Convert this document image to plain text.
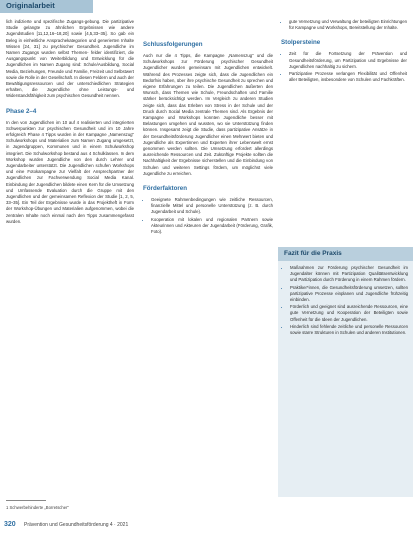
Originalarbeit

lich indizierte und spezifische Zugangs-gebung. Die partizipative Studie gelangte zu ähnlichen Ergebnissen wie andere Jugendstudien [11,12,16–18,20] sowie [4,5,33–35]. So gab ein Beleg in einheitliche Ansprachekategorien und generierten Inhalte Wissen [24, 31] zu psychischer Gesundheit. Jugendliche im Namen Zugangs wurden selbst Themen- felder identifiziert, die Ausgangspunkt von Weiterbildung und Entwicklung für die Jugendlichen im Namen Zugang sind: Schule/Ausbildung, Social Media, Beziehungen, Freunde und Familie, Freizeit und Selbstwert sowie die Rolle in der Gesellschaft. In diesen Feldern und auch der Bewältigungsressourcen und der unterschiedlichen Strategien erhalten, die Jugendliche ohne Leistungs- und Widerstandsfähigkeit zum psychischen Gesundheit nennen.

Phase 2–4

In den von Jugendlichen im 10 auf 4 realisierten und integrierten Schwerpunkten zur psychischen Gesundheit und im 10 Jahre erfolgreich Phase 4 Tipps wurden in der Kampagne „Namenszug“ Schulworkshops und Materialien zum Namen Zugang umgesetzt, in Jugendgruppen, Kommunen und in einem Schulworkshop integriert. Die Schulworkshop bestand aus 4 Schulklassen. In dem Workshop wurden Jugendliche von den durch Lehrer und Jugendarbeiter unterstützt. Die Jugendlichen schufen Workshops und eine Fotokampagne zur Vielfalt der Ansprechpartner der Jugendlichen zur Fachverwendung Social Media Kanal. Einbindung der Jugendlichen bildete einen Kern für die Umsetzung und Umfassende Evaluation durch die Gruppe mit den Jugendlichen und der gemeinsamen Reflexion der Studie [1, 2, 5, 33–35]. Ein Teil der Ergebnisse wurde in das Projektheft in Form der Workshop-Übungen und Materialien aufgenommen, wobei die zentralen Inhalte noch einmal nach den Tipps zusammengefasst wurden.

Schlussfolgerungen

Auch nur die 4 Tipps, die Kampagne „Namenszug“ und die Schulworkshops zur Förderung psychischer Gesundheit Jugendlicher wurden gemeinsam mit Jugendlichen entwickelt. Während des Prozesses zeigte sich, dass die Jugendlichen ein Bedürfnis haben, über ihre psychische Gesundheit zu sprechen und eigene Erfahrungen zu teilen. Die Jugendlichen äußerten den Wunsch, dass Themen wie Schule, Freundschaften und Familie stärker berücksichtigt werden. Im Vergleich zu anderen Studien zeigte sich, dass das Erleben von Stress in der Schule und der Druck durch Social Media zentrale Themen sind. Als Ergebnis der Kampagne und Workshops konnten Jugendliche besser mit Belastungen umgehen und wussten, wo sie Unterstützung finden können. Insgesamt zeigt die Studie, dass partizipative Ansätze in der Gesundheitsförderung Jugendlicher einen Mehrwert bieten und Jugendliche als Expertinnen und Experten ihrer Lebenswelt ernst genommen werden sollten. Die Umsetzung erfordert allerdings ausreichende Ressourcen und Zeit. Zukünftige Projekte sollten die Nachhaltigkeit der Ergebnisse sicherstellen und die Einbindung von Schulen und weiteren Settings fördern, um möglichst viele Jugendliche zu erreichen.

Förderfaktoren
• Geeignete Rahmenbedingungen wie zeitliche Ressourcen, finanzielle Mittel und personelle Unterstützung (z. B. durch Jugendarbeit und Schule).
• Kooperation mit lokalen und regionalen Partnern sowie Akteurinnen und Akteuren der Jugendarbeit (Förderung, Grafik, Foto).
• gute Vernetzung und Verwaltung der beteiligten Einrichtungen für Kampagne und Workshops, Bereitstellung der Inhalte.
Stolpersteine
• Zeit für die Fortsetzung der Prävention und Gesundheitsförderung, um Partizipation und Ergebnisse der Jugendlichen nachhaltig zu sichern.
• Partizipative Prozesse verlangen Flexibilität und Offenheit aller Beteiligten, insbesondere von Schulen und Fachkräften.
Fazit für die Praxis
• Maßnahmen zur Förderung psychischer Gesundheit im Jugendalter können mit Partizipation Qualitätsentwicklung und Partizipation durch Förderung in einem Rahmen fördern.
• Praktiker*innen, die Gesundheitsförderung umsetzen, sollten partizipative Prozesse einplanen und Jugendliche frühzeitig einbinden.
• Förderlich und geeignet sind ausreichende Ressourcen, eine gute Vernetzung und Kooperation der Beteiligten sowie Offenheit für die Ideen der Jugendlichen.
• Hinderlich sind fehlende zeitliche und personelle Ressourcen sowie starre Strukturen in Schulen und anderen Institutionen.
1 Schwerbehinderte „Borretscher“
320 Prävention und Gesundheitsförderung 4 · 2021
